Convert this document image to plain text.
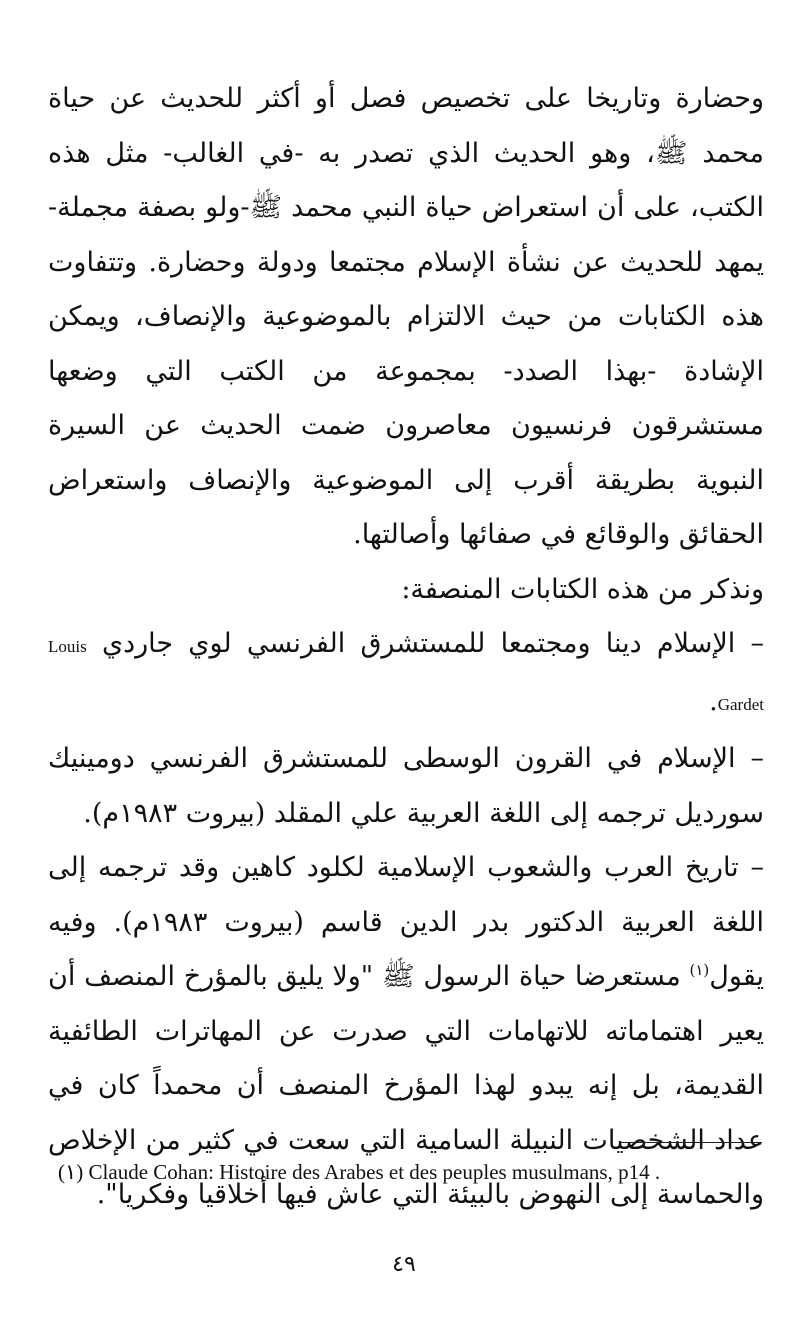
وحضارة وتاريخا على تخصيص فصل أو أكثر للحديث عن حياة محمد ﷺ، وهو الحديث الذي تصدر به -في الغالب- مثل هذه الكتب، على أن استعراض حياة النبي محمد ﷺ-ولو بصفة مجملة-يمهد للحديث عن نشأة الإسلام مجتمعا ودولة وحضارة. وتتفاوت هذه الكتابات من حيث الالتزام بالموضوعية والإنصاف، ويمكن الإشادة -بهذا الصدد- بمجموعة من الكتب التي وضعها مستشرقون فرنسيون معاصرون ضمت الحديث عن السيرة النبوية بطريقة أقرب إلى الموضوعية والإنصاف واستعراض الحقائق والوقائع في صفائها وأصالتها.

ونذكر من هذه الكتابات المنصفة:

– الإسلام دينا ومجتمعا للمستشرق الفرنسي لوي جاردي Louis Gardet.

– الإسلام في القرون الوسطى للمستشرق الفرنسي دومينيك سورديل ترجمه إلى اللغة العربية علي المقلد (بيروت ١٩٨٣م).

– تاريخ العرب والشعوب الإسلامية لكلود كاهين وقد ترجمه إلى اللغة العربية الدكتور بدر الدين قاسم (بيروت ١٩٨٣م). وفيه يقول$^{(١)}$ مستعرضا حياة الرسول ﷺ "ولا يليق بالمؤرخ المنصف أن يعير اهتماماته للاتهامات التي صدرت عن المهاترات الطائفية القديمة، بل إنه يبدو لهذا المؤرخ المنصف أن محمداً كان في عداد الشخصيات النبيلة السامية التي سعت في كثير من الإخلاص والحماسة إلى النهوض بالبيئة التي عاش فيها أخلاقيا وفكريا".

(١) Claude Cohan: Histoire des Arabes et des peuples musulmans, p14 .
٤٩
